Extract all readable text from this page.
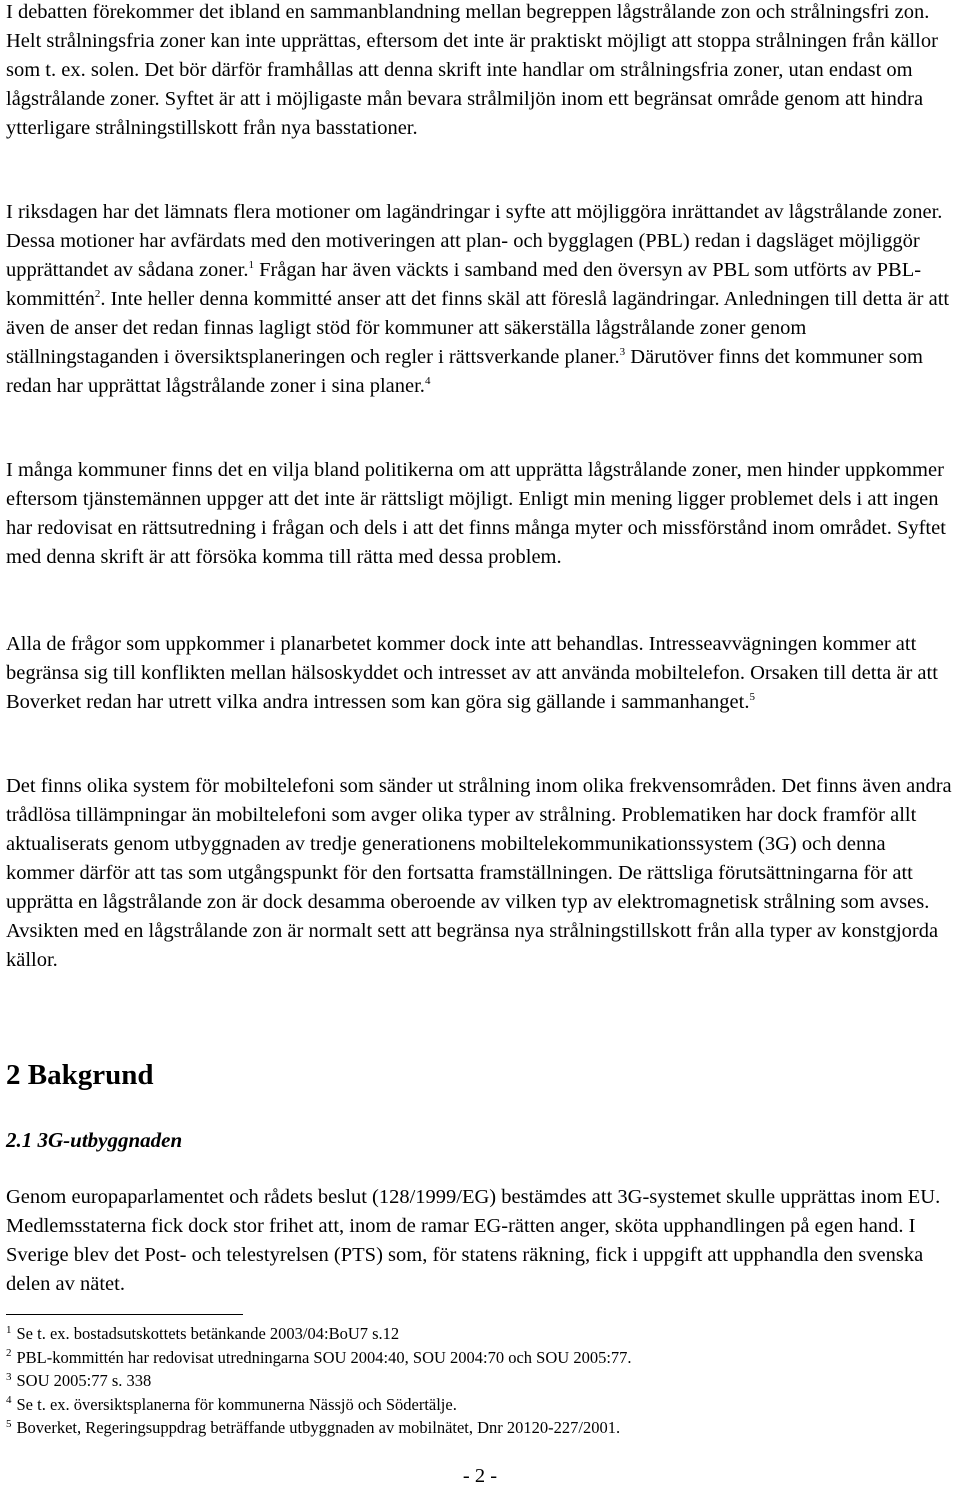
I debatten förekommer det ibland en sammanblandning mellan begreppen lågstrålande zon och strålningsfri zon. Helt strålningsfria zoner kan inte upprättas, eftersom det inte är praktiskt möjligt att stoppa strålningen från källor som t. ex. solen. Det bör därför framhållas att denna skrift inte handlar om strålningsfria zoner, utan endast om lågstrålande zoner. Syftet är att i möjligaste mån bevara strålmiljön inom ett begränsat område genom att hindra ytterligare strålningstillskott från nya basstationer.

I riksdagen har det lämnats flera motioner om lagändringar i syfte att möjliggöra inrättandet av lågstrålande zoner. Dessa motioner har avfärdats med den motiveringen att plan- och bygglagen (PBL) redan i dagsläget möjliggör upprättandet av sådana zoner.$^1$ Frågan har även väckts i samband med den översyn av PBL som utförts av PBL-kommittén$^2$. Inte heller denna kommitté anser att det finns skäl att föreslå lagändringar. Anledningen till detta är att även de anser det redan finnas lagligt stöd för kommuner att säkerställa lågstrålande zoner genom ställningstaganden i översiktsplaneringen och regler i rättsverkande planer.$^3$ Därutöver finns det kommuner som redan har upprättat lågstrålande zoner i sina planer.$^4$

I många kommuner finns det en vilja bland politikerna om att upprätta lågstrålande zoner, men hinder uppkommer eftersom tjänstemännen uppger att det inte är rättsligt möjligt. Enligt min mening ligger problemet dels i att ingen har redovisat en rättsutredning i frågan och dels i att det finns många myter och missförstånd inom området. Syftet med denna skrift är att försöka komma till rätta med dessa problem.

Alla de frågor som uppkommer i planarbetet kommer dock inte att behandlas. Intresseavvägningen kommer att begränsa sig till konflikten mellan hälsoskyddet och intresset av att använda mobiltelefon. Orsaken till detta är att Boverket redan har utrett vilka andra intressen som kan göra sig gällande i sammanhanget.$^5$

Det finns olika system för mobiltelefoni som sänder ut strålning inom olika frekvensområden. Det finns även andra trådlösa tillämpningar än mobiltelefoni som avger olika typer av strålning. Problematiken har dock framför allt aktualiserats genom utbyggnaden av tredje generationens mobiltelekommunikationssystem (3G) och denna kommer därför att tas som utgångspunkt för den fortsatta framställningen. De rättsliga förutsättningarna för att upprätta en lågstrålande zon är dock desamma oberoende av vilken typ av elektromagnetisk strålning som avses. Avsikten med en lågstrålande zon är normalt sett att begränsa nya strålningstillskott från alla typer av konstgjorda källor.

2 Bakgrund
2.1 3G-utbyggnaden

Genom europaparlamentet och rådets beslut (128/1999/EG) bestämdes att 3G-systemet skulle upprättas inom EU. Medlemsstaterna fick dock stor frihet att, inom de ramar EG-rätten anger, sköta upphandlingen på egen hand. I Sverige blev det Post- och telestyrelsen (PTS) som, för statens räkning, fick i uppgift att upphandla den svenska delen av nätet.

$^1$ Se t. ex. bostadsutskottets betänkande 2003/04:BoU7 s.12
$^2$ PBL-kommittén har redovisat utredningarna SOU 2004:40, SOU 2004:70 och SOU 2005:77.
$^3$ SOU 2005:77 s. 338
$^4$ Se t. ex. översiktsplanerna för kommunerna Nässjö och Södertälje.
$^5$ Boverket, Regeringsuppdrag beträffande utbyggnaden av mobilnätet, Dnr 20120-227/2001.
- 2 -
